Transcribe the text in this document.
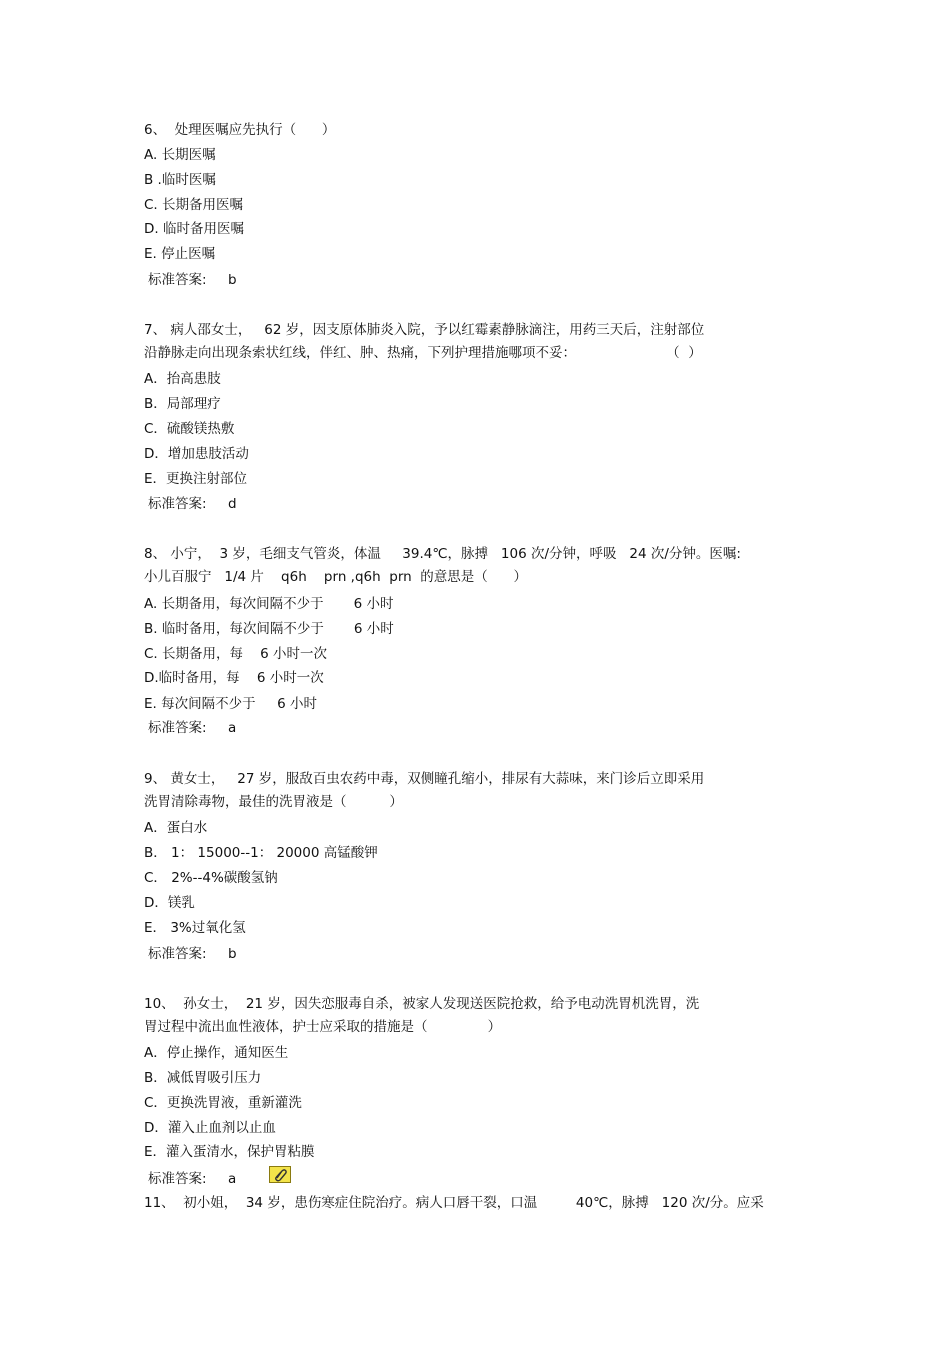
6、  处理医嘱应先执行（      ）
A. 长期医嘱
B .临时医嘱
C. 长期备用医嘱
D. 临时备用医嘱
E. 停止医嘱
标准答案:     b
7、 病人邵女士，   62 岁，因支原体肺炎入院，予以红霉素静脉滴注，用药三天后，注射部位
沿静脉走向出现条索状红线，伴红、肿、热痛，下列护理措施哪项不妥：                     （  ）
A．抬高患肢
B．局部理疗
C．硫酸镁热敷
D．增加患肢活动
E．更换注射部位
标准答案:     d
8、 小宁，  3 岁，毛细支气管炎，体温     39.4℃，脉搏   106 次/分钟，呼吸   24 次/分钟。医嘱:
小儿百服宁   1/4 片    q6h    prn ,q6h  prn  的意思是（      ）
A. 长期备用，每次间隔不少于       6 小时
B. 临时备用，每次间隔不少于       6 小时
C. 长期备用，每    6 小时一次
D.临时备用，每    6 小时一次
E. 每次间隔不少于     6 小时
标准答案:     a
9、 黄女士，   27 岁，服敌百虫农药中毒，双侧瞳孔缩小，排尿有大蒜味，来门诊后立即采用
洗胃清除毒物，最佳的洗胃液是（          ）
A．蛋白水
B． 1： 15000--1： 20000 高锰酸钾
C． 2%--4%碳酸氢钠
D．镁乳
E． 3%过氧化氢
标准答案:     b
10、  孙女士，  21 岁，因失恋服毒自杀，被家人发现送医院抢救，给予电动洗胃机洗胃，洗
胃过程中流出血性液体，护士应采取的措施是（              ）
A．停止操作，通知医生
B．减低胃吸引压力
C．更换洗胃液，重新灌洗
D．灌入止血剂以止血
E．灌入蛋清水，保护胃粘膜
标准答案:     a
11、  初小姐，  34 岁，患伤寒症住院治疗。病人口唇干裂，口温         40℃，脉搏   120 次/分。应采
